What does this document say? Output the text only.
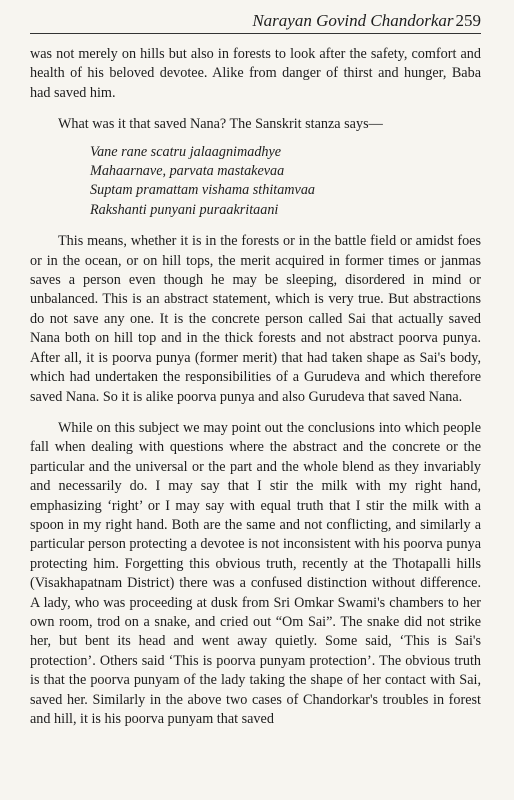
Narayan Govind Chandorkar 259

was not merely on hills but also in forests to look after the safety, comfort and health of his beloved devotee. Alike from danger of thirst and hunger, Baba had saved him.

What was it that saved Nana? The Sanskrit stanza says—

Vane rane scatru jalaagnimadhye
Mahaarnave, parvata mastakevaa
Suptam pramattam vishama sthitamvaa
Rakshanti punyani puraakritaani

This means, whether it is in the forests or in the battle field or amidst foes or in the ocean, or on hill tops, the merit acquired in former times or janmas saves a person even though he may be sleeping, disordered in mind or unbalanced. This is an abstract statement, which is very true. But abstractions do not save any one. It is the concrete person called Sai that actually saved Nana both on hill top and in the thick forests and not abstract poorva punya. After all, it is poorva punya (former merit) that had taken shape as Sai's body, which had undertaken the responsibilities of a Gurudeva and which therefore saved Nana. So it is alike poorva punya and also Gurudeva that saved Nana.

While on this subject we may point out the conclusions into which people fall when dealing with questions where the abstract and the concrete or the particular and the universal or the part and the whole blend as they invariably and necessarily do. I may say that I stir the milk with my right hand, emphasizing ‘right’ or I may say with equal truth that I stir the milk with a spoon in my right hand. Both are the same and not conflicting, and similarly a particular person protecting a devotee is not inconsistent with his poorva punya protecting him. Forgetting this obvious truth, recently at the Thotapalli hills (Visakhapatnam District) there was a confused distinction without difference. A lady, who was proceeding at dusk from Sri Omkar Swami's chambers to her own room, trod on a snake, and cried out “Om Sai”. The snake did not strike her, but bent its head and went away quietly. Some said, ‘This is Sai's protection’. Others said ‘This is poorva punyam protection’. The obvious truth is that the poorva punyam of the lady taking the shape of her contact with Sai, saved her. Similarly in the above two cases of Chandorkar's troubles in forest and hill, it is his poorva punyam that saved
